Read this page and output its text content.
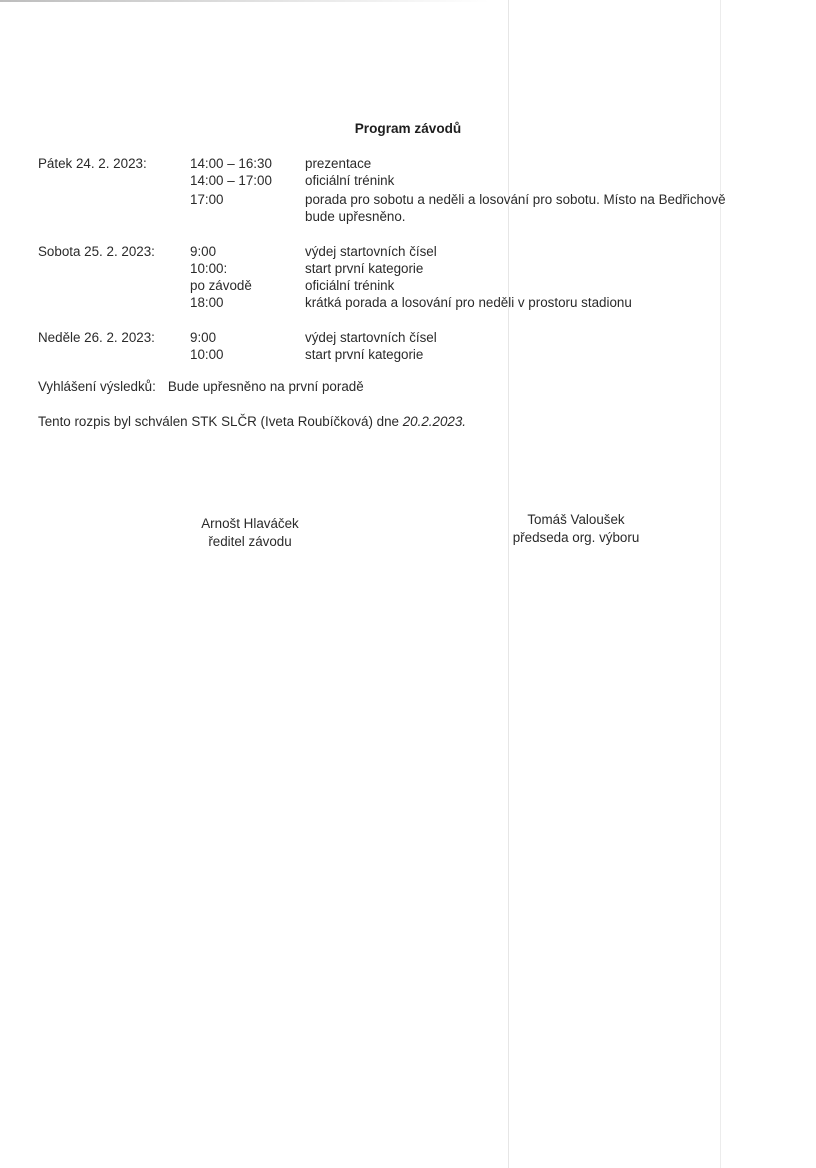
Program závodů
Pátek 24. 2. 2023:	14:00 – 16:30 prezentace
14:00 – 17:00 oficiální trénink
17:00	porada pro sobotu a neděli a losování pro sobotu. Místo na Bedřichově
bude upřesněno.
Sobota 25. 2. 2023:	9:00	výdej startovních čísel
10:00:	start první kategorie
po závodě	oficiální trénink
18:00	krátká porada a losování pro neděli v prostoru stadionu
Neděle 26. 2. 2023:	9:00	výdej startovních čísel
10:00	start první kategorie
Vyhlášení výsledků: Bude upřesněno na první poradě
Tento rozpis byl schválen STK SLČR (Iveta Roubíčková) dne 20.2.2023.
Arnošt Hlaváček
ředitel závodu
Tomáš Valoušek
předseda org. výboru
